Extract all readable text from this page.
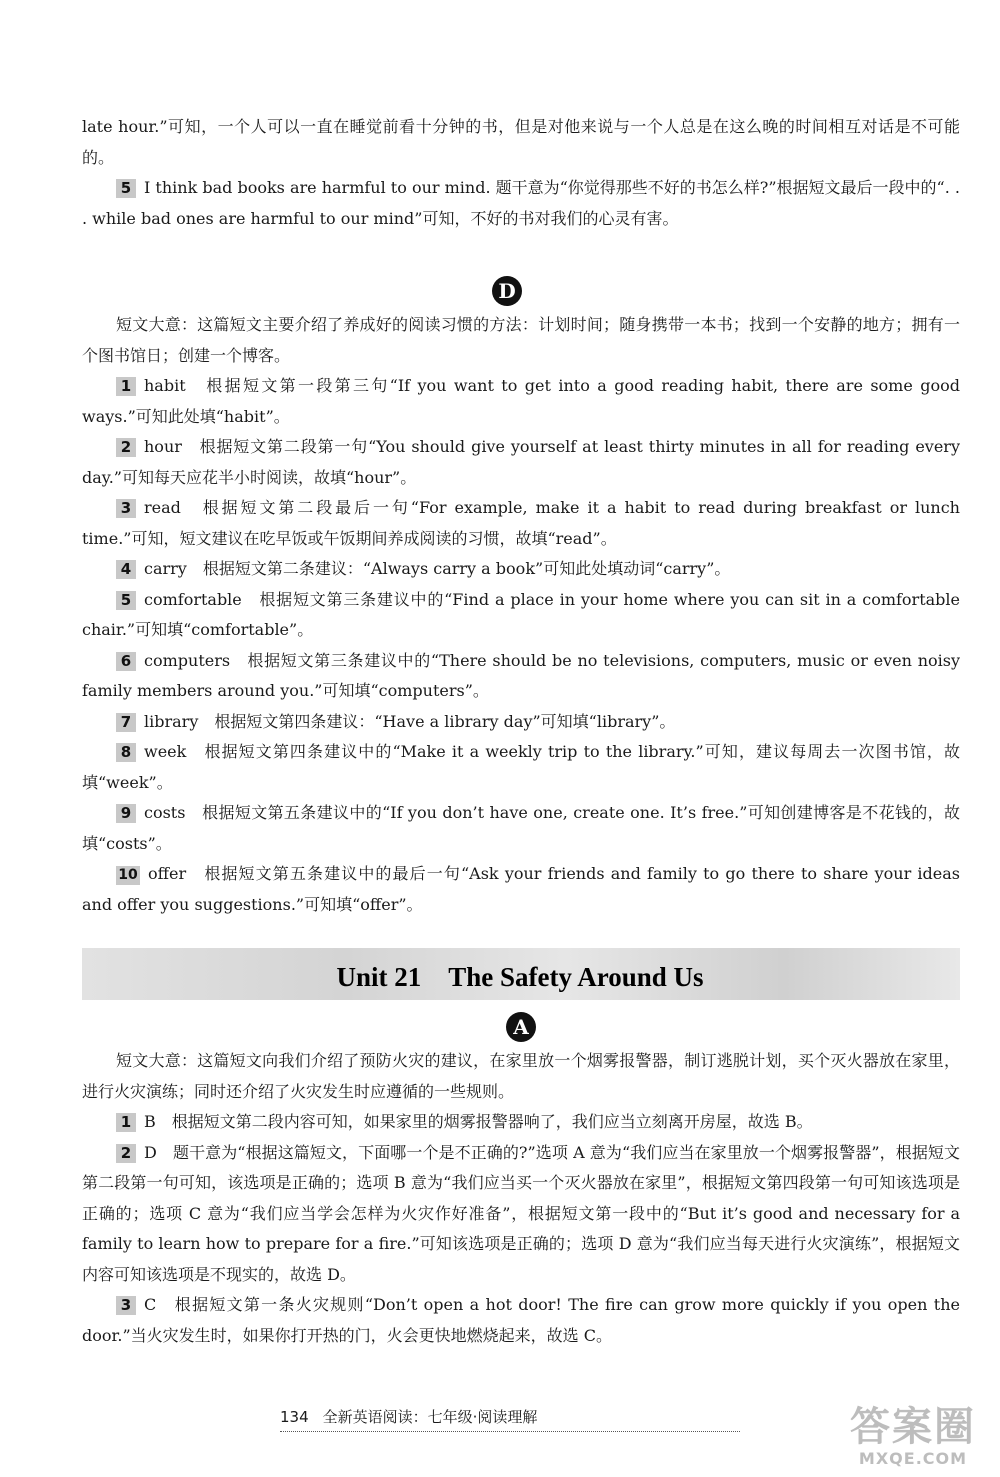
late hour.”可知，一个人可以一直在睡觉前看十分钟的书，但是对他来说与一个人总是在这么晚的时间相互对话是不可能的。

5 I think bad books are harmful to our mind. 题干意为“你觉得那些不好的书怎么样?”根据短文最后一段中的“. . . while bad ones are harmful to our mind”可知，不好的书对我们的心灵有害。

D

短文大意：这篇短文主要介绍了养成好的阅读习惯的方法：计划时间；随身携带一本书；找到一个安静的地方；拥有一个图书馆日；创建一个博客。

1 habit　根据短文第一段第三句“If you want to get into a good reading habit, there are some good ways.”可知此处填“habit”。

2 hour　根据短文第二段第一句“You should give yourself at least thirty minutes in all for reading every day.”可知每天应花半小时阅读，故填“hour”。

3 read　根据短文第二段最后一句“For example, make it a habit to read during breakfast or lunch time.”可知，短文建议在吃早饭或午饭期间养成阅读的习惯，故填“read”。

4 carry　根据短文第二条建议：“Always carry a book”可知此处填动词“carry”。

5 comfortable　根据短文第三条建议中的“Find a place in your home where you can sit in a comfortable chair.”可知填“comfortable”。

6 computers　根据短文第三条建议中的“There should be no televisions, computers, music or even noisy family members around you.”可知填“computers”。

7 library　根据短文第四条建议：“Have a library day”可知填“library”。

8 week　根据短文第四条建议中的“Make it a weekly trip to the library.”可知，建议每周去一次图书馆，故填“week”。

9 costs　根据短文第五条建议中的“If you don’t have one, create one. It’s free.”可知创建博客是不花钱的，故填“costs”。

10 offer　根据短文第五条建议中的最后一句“Ask your friends and family to go there to share your ideas and offer you suggestions.”可知填“offer”。

Unit 21　The Safety Around Us
A

短文大意：这篇短文向我们介绍了预防火灾的建议，在家里放一个烟雾报警器，制订逃脱计划，买个灭火器放在家里，进行火灾演练；同时还介绍了火灾发生时应遵循的一些规则。

1 B　根据短文第二段内容可知，如果家里的烟雾报警器响了，我们应当立刻离开房屋，故选 B。

2 D　题干意为“根据这篇短文，下面哪一个是不正确的?”选项 A 意为“我们应当在家里放一个烟雾报警器”，根据短文第二段第一句可知，该选项是正确的；选项 B 意为“我们应当买一个灭火器放在家里”，根据短文第四段第一句可知该选项是正确的；选项 C 意为“我们应当学会怎样为火灾作好准备”，根据短文第一段中的“But it’s good and necessary for a family to learn how to prepare for a fire.”可知该选项是正确的；选项 D 意为“我们应当每天进行火灾演练”，根据短文内容可知该选项是不现实的，故选 D。

3 C　根据短文第一条火灾规则“Don’t open a hot door! The fire can grow more quickly if you open the door.”当火灾发生时，如果你打开热的门，火会更快地燃烧起来，故选 C。

134 全新英语阅读：七年级·阅读理解	答案圈
MXQE.COM
